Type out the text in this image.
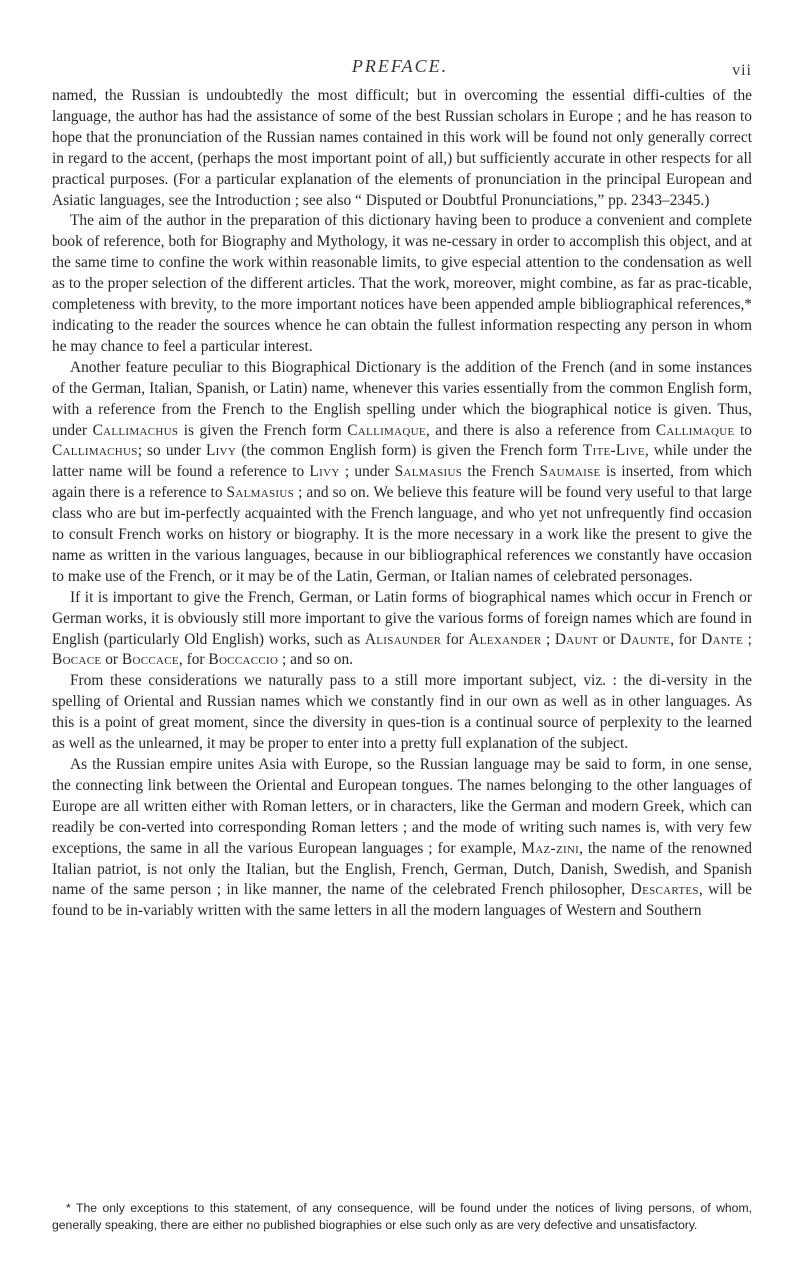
PREFACE.	vii

named, the Russian is undoubtedly the most difficult; but in overcoming the essential diffi-culties of the language, the author has had the assistance of some of the best Russian scholars in Europe ; and he has reason to hope that the pronunciation of the Russian names contained in this work will be found not only generally correct in regard to the accent, (perhaps the most important point of all,) but sufficiently accurate in other respects for all practical purposes. (For a particular explanation of the elements of pronunciation in the principal European and Asiatic languages, see the Introduction ; see also “ Disputed or Doubtful Pronunciations,” pp. 2343–2345.)

The aim of the author in the preparation of this dictionary having been to produce a convenient and complete book of reference, both for Biography and Mythology, it was ne-cessary in order to accomplish this object, and at the same time to confine the work within reasonable limits, to give especial attention to the condensation as well as to the proper selection of the different articles. That the work, moreover, might combine, as far as prac-ticable, completeness with brevity, to the more important notices have been appended ample bibliographical references,* indicating to the reader the sources whence he can obtain the fullest information respecting any person in whom he may chance to feel a particular interest.

Another feature peculiar to this Biographical Dictionary is the addition of the French (and in some instances of the German, Italian, Spanish, or Latin) name, whenever this varies essentially from the common English form, with a reference from the French to the English spelling under which the biographical notice is given. Thus, under Callimachus is given the French form Callimaque, and there is also a reference from Callimaque to Callimachus; so under Livy (the common English form) is given the French form Tite-Live, while under the latter name will be found a reference to Livy ; under Salmasius the French Saumaise is inserted, from which again there is a reference to Salmasius ; and so on. We believe this feature will be found very useful to that large class who are but im-perfectly acquainted with the French language, and who yet not unfrequently find occasion to consult French works on history or biography. It is the more necessary in a work like the present to give the name as written in the various languages, because in our bibliographical references we constantly have occasion to make use of the French, or it may be of the Latin, German, or Italian names of celebrated personages.

If it is important to give the French, German, or Latin forms of biographical names which occur in French or German works, it is obviously still more important to give the various forms of foreign names which are found in English (particularly Old English) works, such as Alisaunder for Alexander ; Daunt or Daunte, for Dante ; Bocace or Boccace, for Boccaccio ; and so on.

From these considerations we naturally pass to a still more important subject, viz. : the di-versity in the spelling of Oriental and Russian names which we constantly find in our own as well as in other languages. As this is a point of great moment, since the diversity in ques-tion is a continual source of perplexity to the learned as well as the unlearned, it may be proper to enter into a pretty full explanation of the subject.

As the Russian empire unites Asia with Europe, so the Russian language may be said to form, in one sense, the connecting link between the Oriental and European tongues. The names belonging to the other languages of Europe are all written either with Roman letters, or in characters, like the German and modern Greek, which can readily be con-verted into corresponding Roman letters ; and the mode of writing such names is, with very few exceptions, the same in all the various European languages ; for example, Maz-zini, the name of the renowned Italian patriot, is not only the Italian, but the English, French, German, Dutch, Danish, Swedish, and Spanish name of the same person ; in like manner, the name of the celebrated French philosopher, Descartes, will be found to be in-variably written with the same letters in all the modern languages of Western and Southern

* The only exceptions to this statement, of any consequence, will be found under the notices of living persons, of whom, generally speaking, there are either no published biographies or else such only as are very defective and unsatisfactory.
